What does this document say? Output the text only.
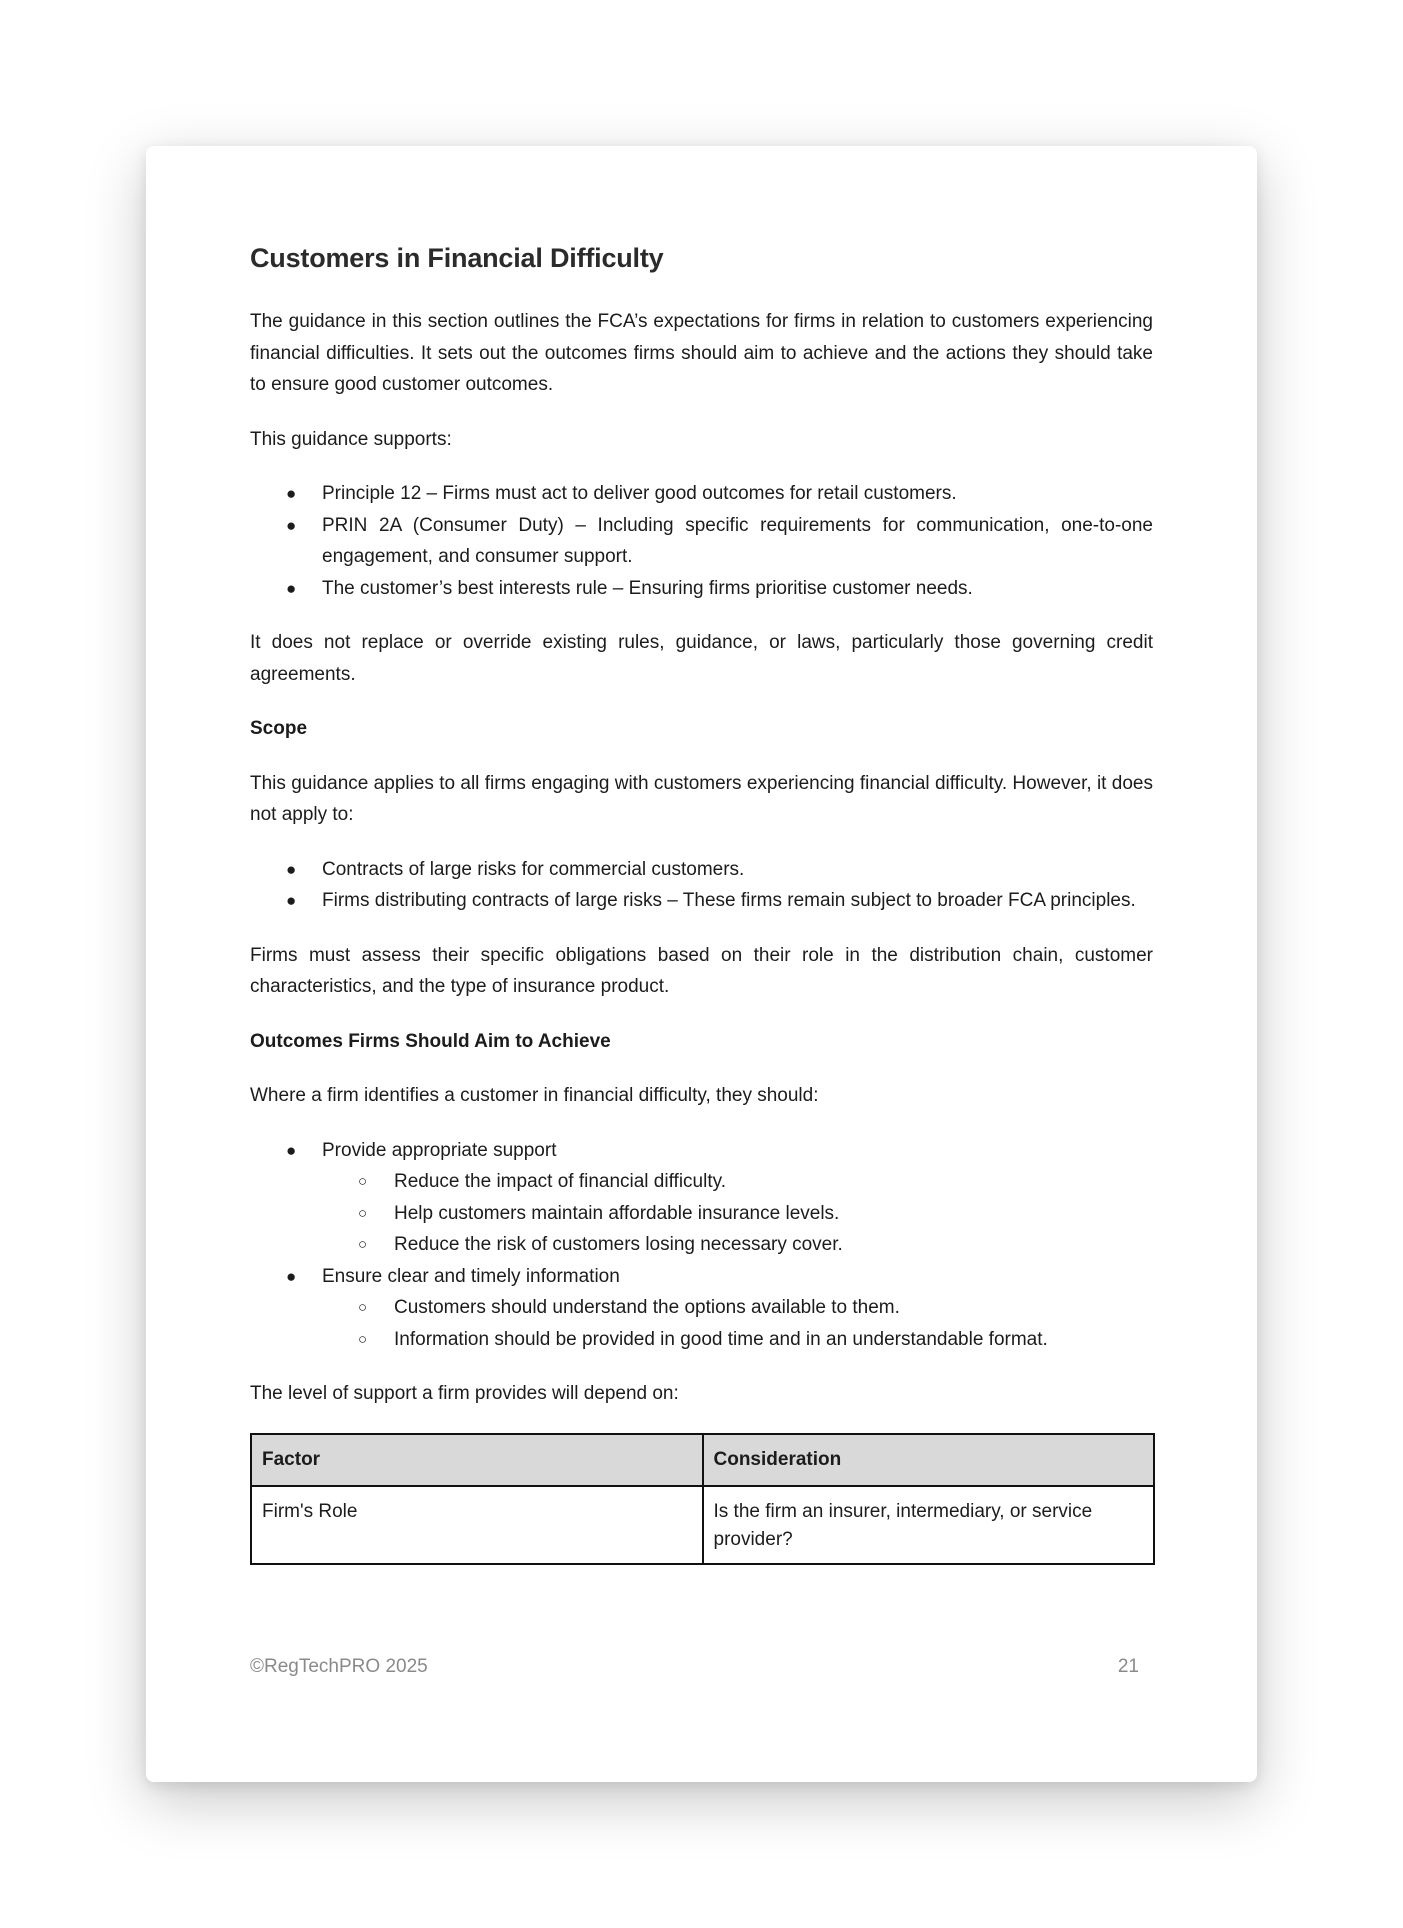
Customers in Financial Difficulty

The guidance in this section outlines the FCA’s expectations for firms in relation to customers experiencing financial difficulties. It sets out the outcomes firms should aim to achieve and the actions they should take to ensure good customer outcomes.

This guidance supports:

● Principle 12 – Firms must act to deliver good outcomes for retail customers.
● PRIN 2A (Consumer Duty) – Including specific requirements for communication, one-to-one engagement, and consumer support.
● The customer’s best interests rule – Ensuring firms prioritise customer needs.

It does not replace or override existing rules, guidance, or laws, particularly those governing credit agreements.

Scope

This guidance applies to all firms engaging with customers experiencing financial difficulty. However, it does not apply to:

● Contracts of large risks for commercial customers.
● Firms distributing contracts of large risks – These firms remain subject to broader FCA principles.

Firms must assess their specific obligations based on their role in the distribution chain, customer characteristics, and the type of insurance product.

Outcomes Firms Should Aim to Achieve

Where a firm identifies a customer in financial difficulty, they should:

● Provide appropriate support
○ Reduce the impact of financial difficulty.
○ Help customers maintain affordable insurance levels.
○ Reduce the risk of customers losing necessary cover.
● Ensure clear and timely information
○ Customers should understand the options available to them.
○ Information should be provided in good time and in an understandable format.

The level of support a firm provides will depend on:

Factor	Consideration
Firm's Role	Is the firm an insurer, intermediary, or service provider?
©RegTechPRO 2025	21
